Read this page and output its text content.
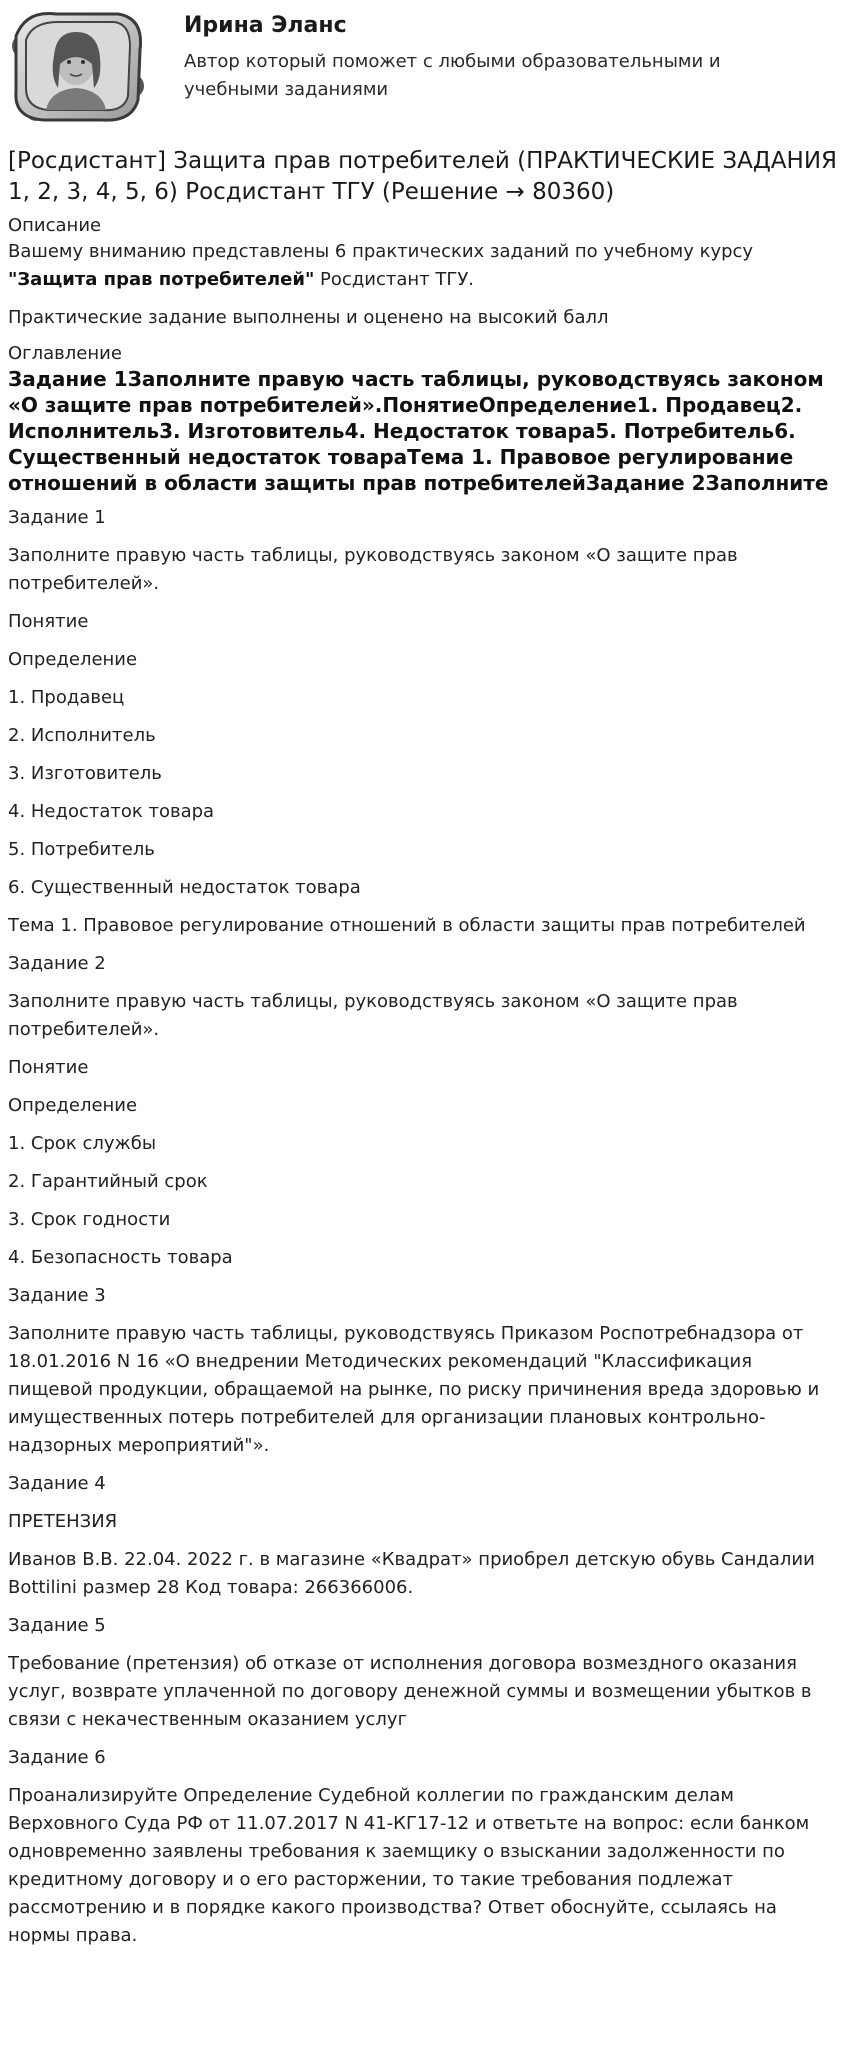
Ирина Эланс

Автор который поможет с любыми образовательными и учебными заданиями

[Росдистант] Защита прав потребителей (ПРАКТИЧЕСКИЕ ЗАДАНИЯ 1, 2, 3, 4, 5, 6) Росдистант ТГУ (Решение → 80360)

Описание

Вашему вниманию представлены 6 практических заданий по учебному курсу "Защита прав потребителей" Росдистант ТГУ.

Практические задание выполнены и оценено на высокий балл

Оглавление

Задание 1Заполните правую часть таблицы, руководствуясь законом «О защите прав потребителей».ПонятиеОпределение1. Продавец2. Исполнитель3. Изготовитель4. Недостаток товара5. Потребитель6. Существенный недостаток товараТема 1. Правовое регулирование отношений в области защиты прав потребителейЗадание 2Заполните

Задание 1

Заполните правую часть таблицы, руководствуясь законом «О защите прав потребителей».

Понятие

Определение

1. Продавец

2. Исполнитель

3. Изготовитель

4. Недостаток товара

5. Потребитель

6. Существенный недостаток товара

Тема 1. Правовое регулирование отношений в области защиты прав потребителей

Задание 2

Заполните правую часть таблицы, руководствуясь законом «О защите прав потребителей».

Понятие

Определение

1. Срок службы

2. Гарантийный срок

3. Срок годности

4. Безопасность товара

Задание 3

Заполните правую часть таблицы, руководствуясь Приказом Роспотребнадзора от 18.01.2016 N 16 «О внедрении Методических рекомендаций "Классификация пищевой продукции, обращаемой на рынке, по риску причинения вреда здоровью и имущественных потерь потребителей для организации плановых контрольно-надзорных мероприятий"».

Задание 4

ПРЕТЕНЗИЯ

Иванов В.В. 22.04. 2022 г. в магазине «Квадрат» приобрел детскую обувь Сандалии Bottilini размер 28 Код товара: 266366006.

Задание 5

Требование (претензия) об отказе от исполнения договора возмездного оказания услуг, возврате уплаченной по договору денежной суммы и возмещении убытков в связи с некачественным оказанием услуг

Задание 6

Проанализируйте Определение Судебной коллегии по гражданским делам Верховного Суда РФ от 11.07.2017 N 41-КГ17-12 и ответьте на вопрос: если банком одновременно заявлены требования к заемщику о взыскании задолженности по кредитному договору и о его расторжении, то такие требования подлежат рассмотрению и в порядке какого производства? Ответ обоснуйте, ссылаясь на нормы права.
